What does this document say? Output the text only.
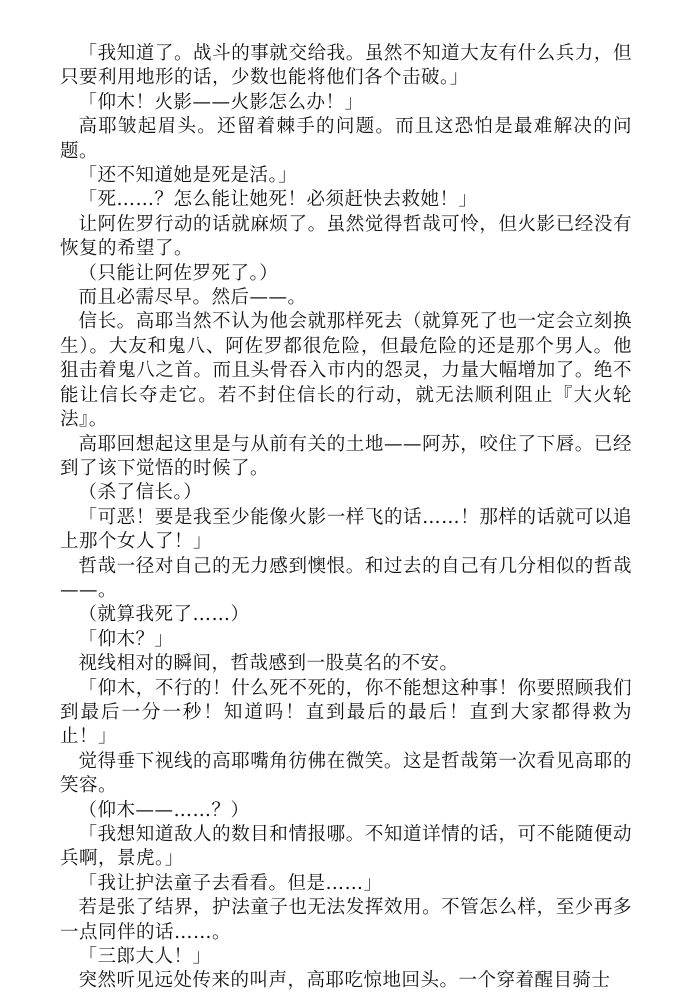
「我知道了。战斗的事就交给我。虽然不知道大友有什么兵力，但只要利用地形的话，少数也能将他们各个击破。」

「仰木！火影——火影怎么办！」

高耶皱起眉头。还留着棘手的问题。而且这恐怕是最难解决的问题。

「还不知道她是死是活。」

「死……？怎么能让她死！必须赶快去救她！」

让阿佐罗行动的话就麻烦了。虽然觉得哲哉可怜，但火影已经没有恢复的希望了。

（只能让阿佐罗死了。）

而且必需尽早。然后——。

信长。高耶当然不认为他会就那样死去（就算死了也一定会立刻换生）。大友和鬼八、阿佐罗都很危险，但最危险的还是那个男人。他狙击着鬼八之首。而且头骨吞入市内的怨灵，力量大幅增加了。绝不能让信长夺走它。若不封住信长的行动，就无法顺利阻止『大火轮法』。

高耶回想起这里是与从前有关的土地——阿苏，咬住了下唇。已经到了该下觉悟的时候了。

（杀了信长。）

「可恶！要是我至少能像火影一样飞的话……！那样的话就可以追上那个女人了！」

哲哉一径对自己的无力感到懊恨。和过去的自己有几分相似的哲哉——。

（就算我死了……）

「仰木？」

视线相对的瞬间，哲哉感到一股莫名的不安。

「仰木，不行的！什么死不死的，你不能想这种事！你要照顾我们到最后一分一秒！知道吗！直到最后的最后！直到大家都得救为止！」

觉得垂下视线的高耶嘴角彷佛在微笑。这是哲哉第一次看见高耶的笑容。

（仰木——……？）

「我想知道敌人的数目和情报哪。不知道详情的话，可不能随便动兵啊，景虎。」

「我让护法童子去看看。但是……」

若是张了结界，护法童子也无法发挥效用。不管怎么样，至少再多一点同伴的话……。

「三郎大人！」

突然听见远处传来的叫声，高耶吃惊地回头。一个穿着醒目骑士
